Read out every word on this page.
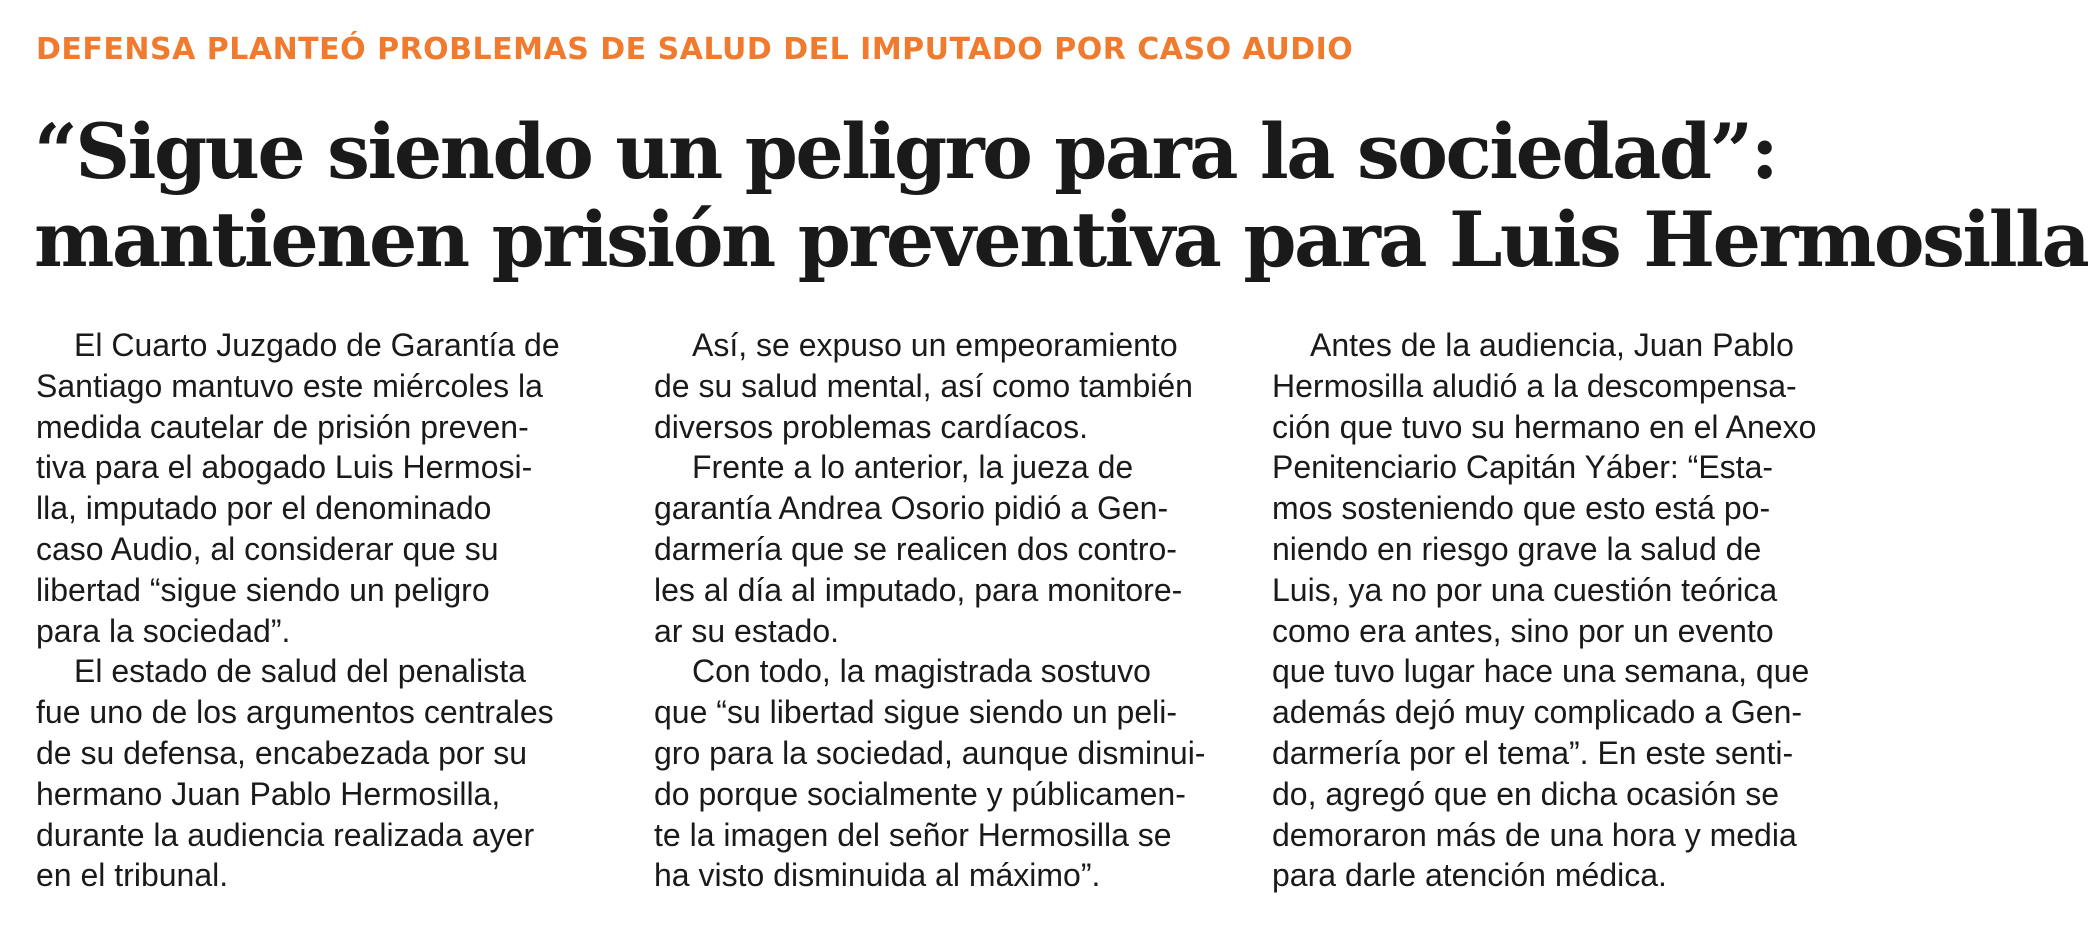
DEFENSA PLANTEÓ PROBLEMAS DE SALUD DEL IMPUTADO POR CASO AUDIO
“Sigue siendo un peligro para la sociedad”:
mantienen prisión preventiva para Luis Hermosilla

El Cuarto Juzgado de Garantía de
Santiago mantuvo este miércoles la
medida cautelar de prisión preven-
tiva para el abogado Luis Hermosi-
lla, imputado por el denominado
caso Audio, al considerar que su
libertad “sigue siendo un peligro
para la sociedad”.

El estado de salud del penalista
fue uno de los argumentos centrales
de su defensa, encabezada por su
hermano Juan Pablo Hermosilla,
durante la audiencia realizada ayer
en el tribunal.

Así, se expuso un empeoramiento
de su salud mental, así como también
diversos problemas cardíacos.

Frente a lo anterior, la jueza de
garantía Andrea Osorio pidió a Gen-
darmería que se realicen dos contro-
les al día al imputado, para monitore-
ar su estado.

Con todo, la magistrada sostuvo
que “su libertad sigue siendo un peli-
gro para la sociedad, aunque disminui-
do porque socialmente y públicamen-
te la imagen del señor Hermosilla se
ha visto disminuida al máximo”.

Antes de la audiencia, Juan Pablo
Hermosilla aludió a la descompensa-
ción que tuvo su hermano en el Anexo
Penitenciario Capitán Yáber: “Esta-
mos sosteniendo que esto está po-
niendo en riesgo grave la salud de
Luis, ya no por una cuestión teórica
como era antes, sino por un evento
que tuvo lugar hace una semana, que
además dejó muy complicado a Gen-
darmería por el tema”. En este senti-
do, agregó que en dicha ocasión se
demoraron más de una hora y media
para darle atención médica.
